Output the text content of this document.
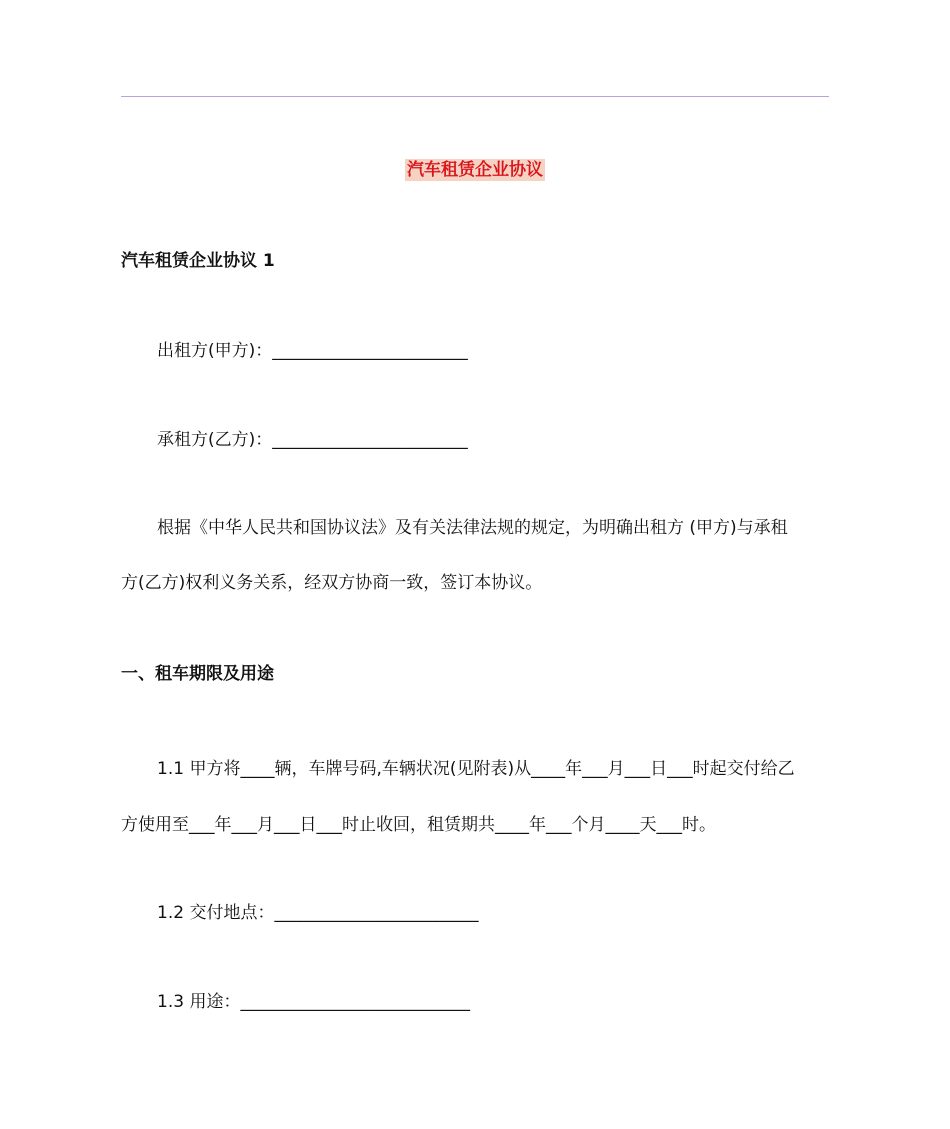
汽车租赁企业协议
汽车租赁企业协议 1
出租方(甲方)：_______________________
承租方(乙方)：_______________________
根据《中华人民共和国协议法》及有关法律法规的规定，为明确出租方 (甲方)与承租
方(乙方)权利义务关系，经双方协商一致，签订本协议。
一、租车期限及用途
1.1 甲方将____辆，车牌号码,车辆状况(见附表)从____年___月___日___时起交付给乙
方使用至___年___月___日___时止收回，租赁期共____年___个月____天___时。
1.2 交付地点：________________________
1.3 用途：___________________________
